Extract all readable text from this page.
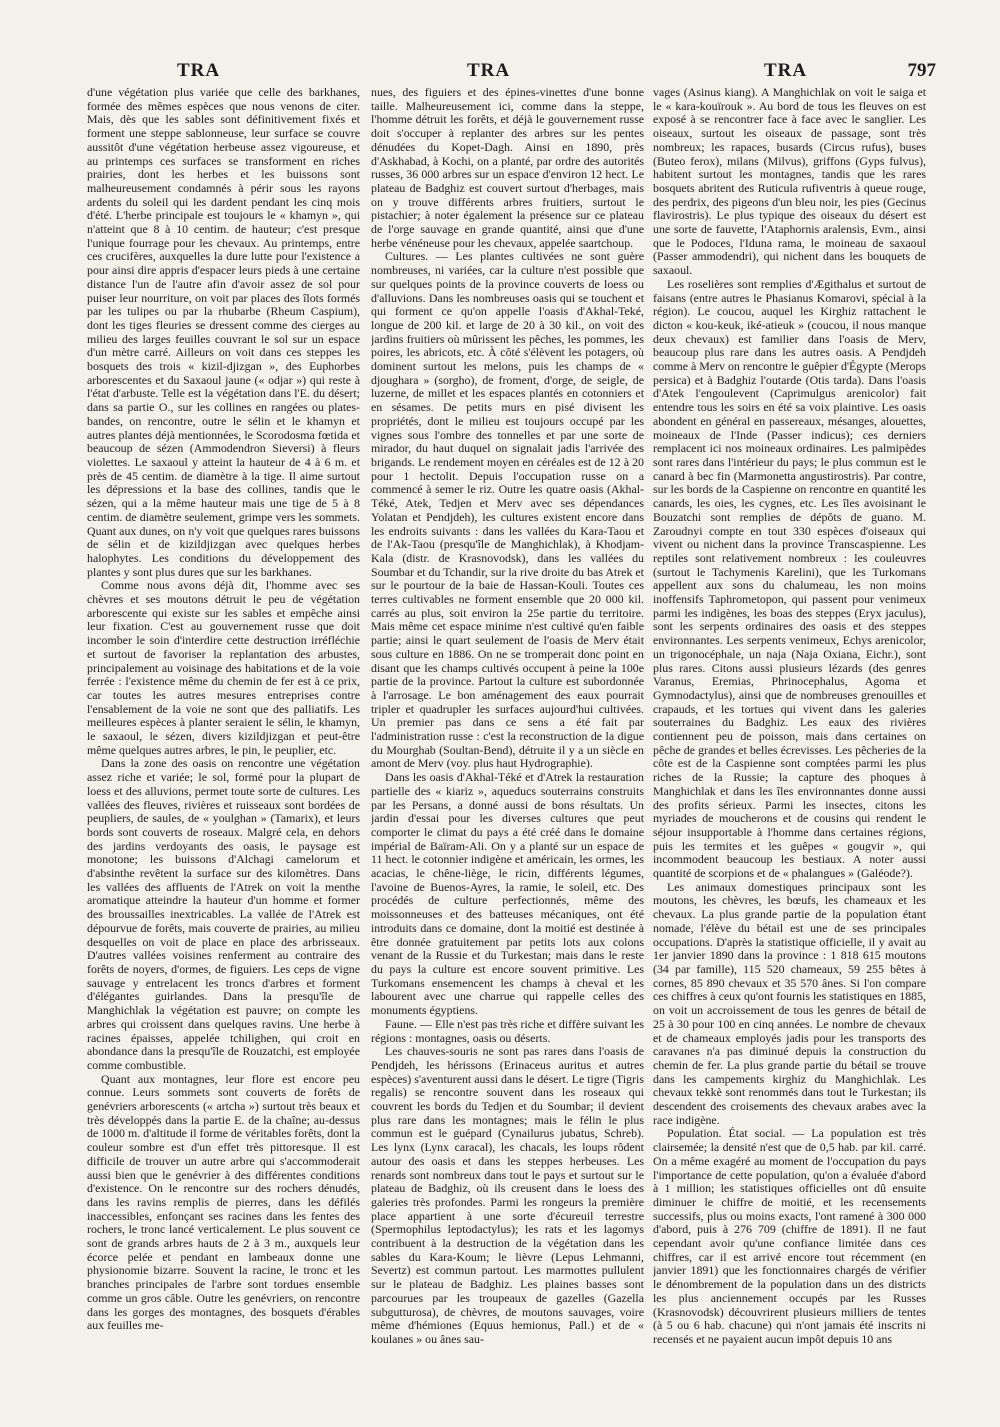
TRA	TRA	TRA	797

d'une végétation plus variée que celle des barkhanes, formée des mêmes espèces que nous venons de citer. Mais, dès que les sables sont définitivement fixés et forment une steppe sablonneuse, leur surface se couvre aussitôt d'une végétation herbeuse assez vigoureuse, et au printemps ces surfaces se transforment en riches prairies, dont les herbes et les buissons sont malheureusement condamnés à périr sous les rayons ardents du soleil qui les dardent pendant les cinq mois d'été. L'herbe principale est toujours le « khamyn », qui n'atteint que 8 à 10 centim. de hauteur; c'est presque l'unique fourrage pour les chevaux. Au printemps, entre ces crucifères, auxquelles la dure lutte pour l'existence a pour ainsi dire appris d'espacer leurs pieds à une certaine distance l'un de l'autre afin d'avoir assez de sol pour puiser leur nourriture, on voit par places des îlots formés par les tulipes ou par la rhubarbe (Rheum Caspium), dont les tiges fleuries se dressent comme des cierges au milieu des larges feuilles couvrant le sol sur un espace d'un mètre carré. Ailleurs on voit dans ces steppes les bosquets des trois « kizil-djizgan », des Euphorbes arborescentes et du Saxaoul jaune (« odjar ») qui reste à l'état d'arbuste. Telle est la végétation dans l'E. du désert; dans sa partie O., sur les collines en rangées ou plates-bandes, on rencontre, outre le sélin et le khamyn et autres plantes déjà mentionnées, le Scorodosma fœtida et beaucoup de sézen (Ammodendron Sieversi) à fleurs violettes. Le saxaoul y atteint la hauteur de 4 à 6 m. et près de 45 centim. de diamètre à la tige. Il aime surtout les dépressions et la base des collines, tandis que le sézen, qui a la même hauteur mais une tige de 5 à 8 centim. de diamètre seulement, grimpe vers les sommets. Quant aux dunes, on n'y voit que quelques rares buissons de sélin et de kizildjizgan avec quelques herbes halophytes. Les conditions du développement des plantes y sont plus dures que sur les barkhanes.

Comme nous avons déjà dit, l'homme avec ses chèvres et ses moutons détruit le peu de végétation arborescente qui existe sur les sables et empêche ainsi leur fixation. C'est au gouvernement russe que doit incomber le soin d'interdire cette destruction irréfléchie et surtout de favoriser la replantation des arbustes, principalement au voisinage des habitations et de la voie ferrée : l'existence même du chemin de fer est à ce prix, car toutes les autres mesures entreprises contre l'ensablement de la voie ne sont que des palliatifs. Les meilleures espèces à planter seraient le sélin, le khamyn, le saxaoul, le sézen, divers kizildjizgan et peut-être même quelques autres arbres, le pin, le peuplier, etc.

Dans la zone des oasis on rencontre une végétation assez riche et variée; le sol, formé pour la plupart de loess et des alluvions, permet toute sorte de cultures. Les vallées des fleuves, rivières et ruisseaux sont bordées de peupliers, de saules, de « youlghan » (Tamarix), et leurs bords sont couverts de roseaux. Malgré cela, en dehors des jardins verdoyants des oasis, le paysage est monotone; les buissons d'Alchagi camelorum et d'absinthe revêtent la surface sur des kilomètres. Dans les vallées des affluents de l'Atrek on voit la menthe aromatique atteindre la hauteur d'un homme et former des broussailles inextricables. La vallée de l'Atrek est dépourvue de forêts, mais couverte de prairies, au milieu desquelles on voit de place en place des arbrisseaux. D'autres vallées voisines renferment au contraire des forêts de noyers, d'ormes, de figuiers. Les ceps de vigne sauvage y entrelacent les troncs d'arbres et forment d'élégantes guirlandes. Dans la presqu'île de Manghichlak la végétation est pauvre; on compte les arbres qui croissent dans quelques ravins. Une herbe à racines épaisses, appelée tchilighen, qui croit en abondance dans la presqu'île de Rouzatchi, est employée comme combustible.

Quant aux montagnes, leur flore est encore peu connue. Leurs sommets sont couverts de forêts de genévriers arborescents (« artcha ») surtout très beaux et très développés dans la partie E. de la chaîne; au-dessus de 1000 m. d'altitude il forme de véritables forêts, dont la couleur sombre est d'un effet très pittoresque. Il est difficile de trouver un autre arbre qui s'accommoderait aussi bien que le genévrier à des différentes conditions d'existence. On le rencontre sur des rochers dénudés, dans les ravins remplis de pierres, dans les défilés inaccessibles, enfonçant ses racines dans les fentes des rochers, le tronc lancé verticalement. Le plus souvent ce sont de grands arbres hauts de 2 à 3 m., auxquels leur écorce pelée et pendant en lambeaux donne une physionomie bizarre. Souvent la racine, le tronc et les branches principales de l'arbre sont tordues ensemble comme un gros câble. Outre les genévriers, on rencontre dans les gorges des montagnes, des bosquets d'érables aux feuilles me-

nues, des figuiers et des épines-vinettes d'une bonne taille. Malheureusement ici, comme dans la steppe, l'homme détruit les forêts, et déjà le gouvernement russe doit s'occuper à replanter des arbres sur les pentes dénudées du Kopet-Dagh. Ainsi en 1890, près d'Askhabad, à Kochi, on a planté, par ordre des autorités russes, 36 000 arbres sur un espace d'environ 12 hect. Le plateau de Badghiz est couvert surtout d'herbages, mais on y trouve différents arbres fruitiers, surtout le pistachier; à noter également la présence sur ce plateau de l'orge sauvage en grande quantité, ainsi que d'une herbe vénéneuse pour les chevaux, appelée saartchoup.

Cultures. — Les plantes cultivées ne sont guère nombreuses, ni variées, car la culture n'est possible que sur quelques points de la province couverts de loess ou d'alluvions. Dans les nombreuses oasis qui se touchent et qui forment ce qu'on appelle l'oasis d'Akhal-Teké, longue de 200 kil. et large de 20 à 30 kil., on voit des jardins fruitiers où mûrissent les pêches, les pommes, les poires, les abricots, etc. À côté s'élèvent les potagers, où dominent surtout les melons, puis les champs de « djoughara » (sorgho), de froment, d'orge, de seigle, de luzerne, de millet et les espaces plantés en cotonniers et en sésames. De petits murs en pisé divisent les propriétés, dont le milieu est toujours occupé par les vignes sous l'ombre des tonnelles et par une sorte de mirador, du haut duquel on signalait jadis l'arrivée des brigands. Le rendement moyen en céréales est de 12 à 20 pour 1 hectolit. Depuis l'occupation russe on a commencé à semer le riz. Outre les quatre oasis (Akhal-Téké, Atek, Tedjen et Merv avec ses dépendances Yolatan et Pendjdeh), les cultures existent encore dans les endroits suivants : dans les vallées du Kara-Taou et de l'Ak-Taou (presqu'île de Manghichlak), à Khodjam-Kala (distr. de Krasnovodsk), dans les vallées du Soumbar et du Tchandir, sur la rive droite du bas Atrek et sur le pourtour de la baie de Hassan-Kouli. Toutes ces terres cultivables ne forment ensemble que 20 000 kil. carrés au plus, soit environ la 25e partie du territoire. Mais même cet espace minime n'est cultivé qu'en faible partie; ainsi le quart seulement de l'oasis de Merv était sous culture en 1886. On ne se tromperait donc point en disant que les champs cultivés occupent à peine la 100e partie de la province. Partout la culture est subordonnée à l'arrosage. Le bon aménagement des eaux pourrait tripler et quadrupler les surfaces aujourd'hui cultivées. Un premier pas dans ce sens a été fait par l'administration russe : c'est la reconstruction de la digue du Mourghab (Soultan-Bend), détruite il y a un siècle en amont de Merv (voy. plus haut Hydrographie).

Dans les oasis d'Akhal-Téké et d'Atrek la restauration partielle des « kiariz », aqueducs souterrains construits par les Persans, a donné aussi de bons résultats. Un jardin d'essai pour les diverses cultures que peut comporter le climat du pays a été créé dans le domaine impérial de Baïram-Ali. On y a planté sur un espace de 11 hect. le cotonnier indigène et américain, les ormes, les acacias, le chêne-liège, le ricin, différents légumes, l'avoine de Buenos-Ayres, la ramie, le soleil, etc. Des procédés de culture perfectionnés, même des moissonneuses et des batteuses mécaniques, ont été introduits dans ce domaine, dont la moitié est destinée à être donnée gratuitement par petits lots aux colons venant de la Russie et du Turkestan; mais dans le reste du pays la culture est encore souvent primitive. Les Turkomans ensemencent les champs à cheval et les labourent avec une charrue qui rappelle celles des monuments égyptiens.

Faune. — Elle n'est pas très riche et diffère suivant les régions : montagnes, oasis ou déserts.

Les chauves-souris ne sont pas rares dans l'oasis de Pendjdeh, les hérissons (Erinaceus auritus et autres espèces) s'aventurent aussi dans le désert. Le tigre (Tigris regalis) se rencontre souvent dans les roseaux qui couvrent les bords du Tedjen et du Soumbar; il devient plus rare dans les montagnes; mais le félin le plus commun est le guépard (Cynailurus jubatus, Schreb). Les lynx (Lynx caracal), les chacals, les loups rôdent autour des oasis et dans les steppes herbeuses. Les renards sont nombreux dans tout le pays et surtout sur le plateau de Badghiz, où ils creusent dans le loess des galeries très profondes. Parmi les rongeurs la première place appartient à une sorte d'écureuil terrestre (Spermophilus leptodactylus); les rats et les lagomys contribuent à la destruction de la végétation dans les sables du Kara-Koum; le lièvre (Lepus Lehmanni, Severtz) est commun partout. Les marmottes pullulent sur le plateau de Badghiz. Les plaines basses sont parcourues par les troupeaux de gazelles (Gazella subgutturosa), de chèvres, de moutons sauvages, voire même d'hémiones (Equus hemionus, Pall.) et de « koulanes » ou ânes sau-

vages (Asinus kiang). A Manghichlak on voit le saiga et le « kara-kouïrouk ». Au bord de tous les fleuves on est exposé à se rencontrer face à face avec le sanglier. Les oiseaux, surtout les oiseaux de passage, sont très nombreux; les rapaces, busards (Circus rufus), buses (Buteo ferox), milans (Milvus), griffons (Gyps fulvus), habitent surtout les montagnes, tandis que les rares bosquets abritent des Ruticula rufiventris à queue rouge, des perdrix, des pigeons d'un bleu noir, les pies (Gecinus flavirostris). Le plus typique des oiseaux du désert est une sorte de fauvette, l'Ataphornis aralensis, Evm., ainsi que le Podoces, l'Iduna rama, le moineau de saxaoul (Passer ammodendri), qui nichent dans les bouquets de saxaoul.

Les roselières sont remplies d'Ægithalus et surtout de faisans (entre autres le Phasianus Komarovi, spécial à la région). Le coucou, auquel les Kirghiz rattachent le dicton « kou-keuk, iké-atieuk » (coucou, il nous manque deux chevaux) est familier dans l'oasis de Merv, beaucoup plus rare dans les autres oasis. A Pendjdeh comme à Merv on rencontre le guêpier d'Égypte (Merops persica) et à Badghiz l'outarde (Otis tarda). Dans l'oasis d'Atek l'engoulevent (Caprimulgus arenicolor) fait entendre tous les soirs en été sa voix plaintive. Les oasis abondent en général en passereaux, mésanges, alouettes, moineaux de l'Inde (Passer indicus); ces derniers remplacent ici nos moineaux ordinaires. Les palmipèdes sont rares dans l'intérieur du pays; le plus commun est le canard à bec fin (Marmonetta angustirostris). Par contre, sur les bords de la Caspienne on rencontre en quantité les canards, les oies, les cygnes, etc. Les îles avoisinant le Bouzatchi sont remplies de dépôts de guano. M. Zaroudnyi compte en tout 330 espèces d'oiseaux qui vivent ou nichent dans la province Transcaspienne. Les reptiles sont relativement nombreux : les couleuvres (surtout le Tachymenis Karelini), que les Turkomans appellent aux sons du chalumeau, les non moins inoffensifs Taphrometopon, qui passent pour venimeux parmi les indigènes, les boas des steppes (Eryx jaculus), sont les serpents ordinaires des oasis et des steppes environnantes. Les serpents venimeux, Echys arenicolor, un trigonocéphale, un naja (Naja Oxiana, Eichr.), sont plus rares. Citons aussi plusieurs lézards (des genres Varanus, Eremias, Phrinocephalus, Agoma et Gymnodactylus), ainsi que de nombreuses grenouilles et crapauds, et les tortues qui vivent dans les galeries souterraines du Badghiz. Les eaux des rivières contiennent peu de poisson, mais dans certaines on pêche de grandes et belles écrevisses. Les pêcheries de la côte est de la Caspienne sont comptées parmi les plus riches de la Russie; la capture des phoques à Manghichlak et dans les îles environnantes donne aussi des profits sérieux. Parmi les insectes, citons les myriades de moucherons et de cousins qui rendent le séjour insupportable à l'homme dans certaines régions, puis les termites et les guêpes « gougvir », qui incommodent beaucoup les bestiaux. A noter aussi quantité de scorpions et de « phalangues » (Galéode?).

Les animaux domestiques principaux sont les moutons, les chèvres, les bœufs, les chameaux et les chevaux. La plus grande partie de la population étant nomade, l'élève du bétail est une de ses principales occupations. D'après la statistique officielle, il y avait au 1er janvier 1890 dans la province : 1 818 615 moutons (34 par famille), 115 520 chameaux, 59 255 bêtes à cornes, 85 890 chevaux et 35 570 ânes. Si l'on compare ces chiffres à ceux qu'ont fournis les statistiques en 1885, on voit un accroissement de tous les genres de bétail de 25 à 30 pour 100 en cinq années. Le nombre de chevaux et de chameaux employés jadis pour les transports des caravanes n'a pas diminué depuis la construction du chemin de fer. La plus grande partie du bétail se trouve dans les campements kirghiz du Manghichlak. Les chevaux tekkè sont renommés dans tout le Turkestan; ils descendent des croisements des chevaux arabes avec la race indigène.

Population. État social. — La population est très clairsemée; la densité n'est que de 0,5 hab. par kil. carré. On a même exagéré au moment de l'occupation du pays l'importance de cette population, qu'on a évaluée d'abord à 1 million; les statistiques officielles ont dû ensuite diminuer le chiffre de moitié, et les recensements successifs, plus ou moins exacts, l'ont ramené à 300 000 d'abord, puis à 276 709 (chiffre de 1891). Il ne faut cependant avoir qu'une confiance limitée dans ces chiffres, car il est arrivé encore tout récemment (en janvier 1891) que les fonctionnaires chargés de vérifier le dénombrement de la population dans un des districts les plus anciennement occupés par les Russes (Krasnovodsk) découvrirent plusieurs milliers de tentes (à 5 ou 6 hab. chacune) qui n'ont jamais été inscrits ni recensés et ne payaient aucun impôt depuis 10 ans
